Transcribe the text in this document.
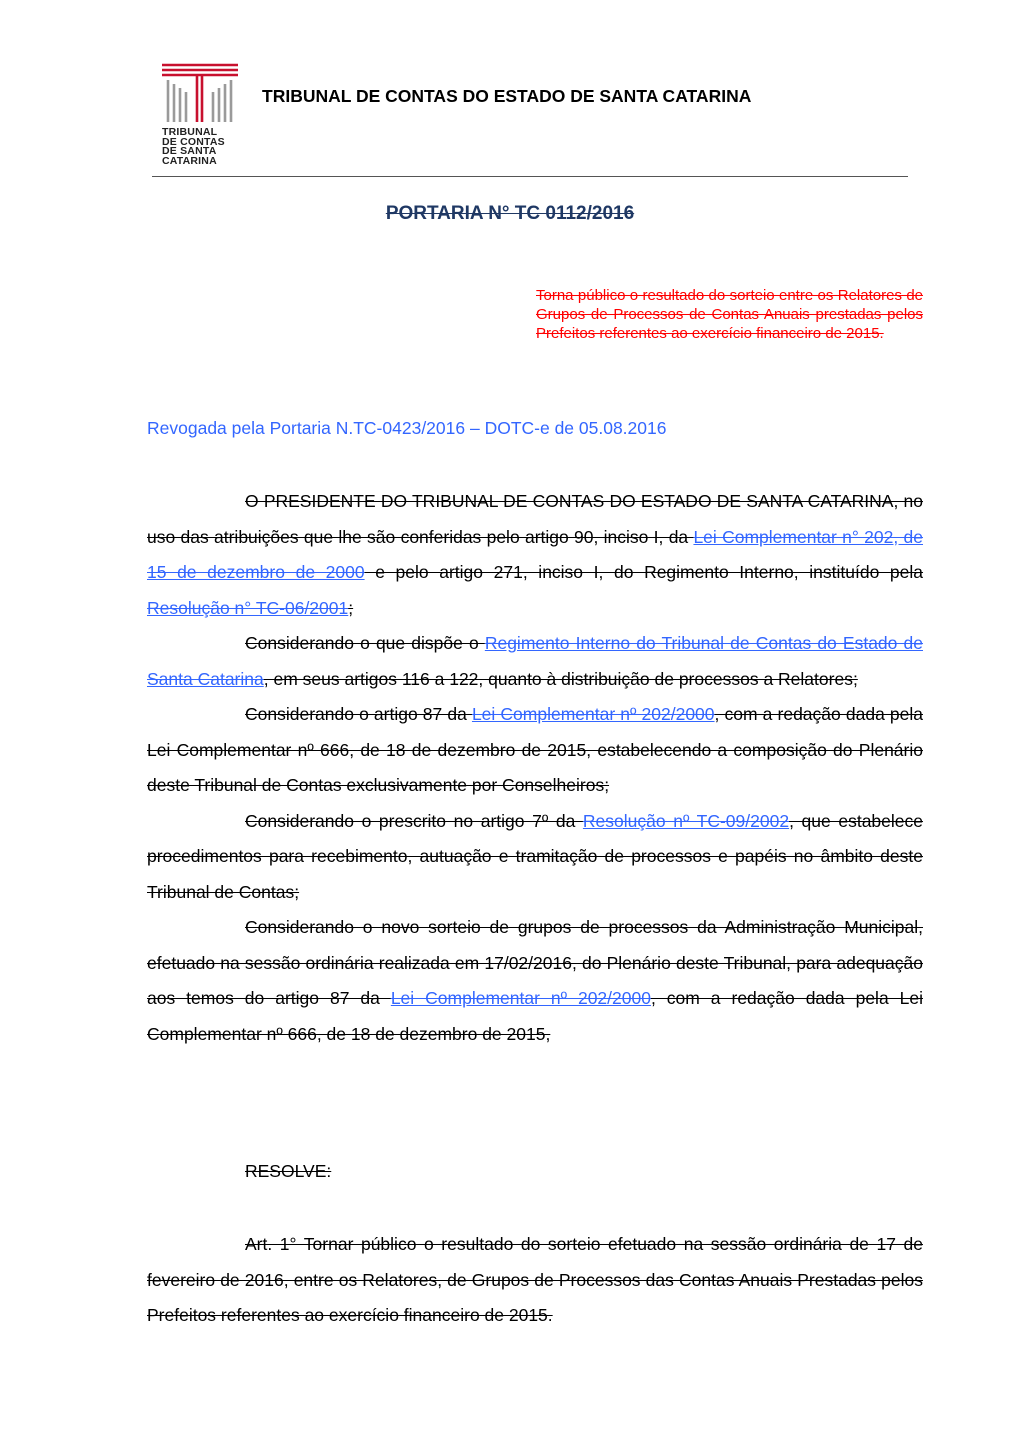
TRIBUNAL
DE CONTAS
DE SANTA
CATARINA
TRIBUNAL DE CONTAS DO ESTADO DE SANTA CATARINA
PORTARIA N° TC 0112/2016
Torna público o resultado do sorteio entre os Relatores de Grupos de Processos de Contas Anuais prestadas pelos Prefeitos referentes ao exercício financeiro de 2015.
Revogada pela Portaria N.TC-0423/2016 – DOTC-e de 05.08.2016

O PRESIDENTE DO TRIBUNAL DE CONTAS DO ESTADO DE SANTA CATARINA, no uso das atribuições que lhe são conferidas pelo artigo 90, inciso I, da Lei Complementar n° 202, de 15 de dezembro de 2000 e pelo artigo 271, inciso I, do Regimento Interno, instituído pela Resolução n° TC-06/2001;

Considerando o que dispõe o Regimento Interno do Tribunal de Contas do Estado de Santa Catarina, em seus artigos 116 a 122, quanto à distribuição de processos a Relatores;

Considerando o artigo 87 da Lei Complementar nº 202/2000, com a redação dada pela Lei Complementar nº 666, de 18 de dezembro de 2015, estabelecendo a composição do Plenário deste Tribunal de Contas exclusivamente por Conselheiros;

Considerando o prescrito no artigo 7º da Resolução nº TC-09/2002, que estabelece procedimentos para recebimento, autuação e tramitação de processos e papéis no âmbito deste Tribunal de Contas;

Considerando o novo sorteio de grupos de processos da Administração Municipal, efetuado na sessão ordinária realizada em 17/02/2016, do Plenário deste Tribunal, para adequação aos temos do artigo 87 da Lei Complementar nº 202/2000, com a redação dada pela Lei Complementar nº 666, de 18 de dezembro de 2015,

RESOLVE:

Art. 1° Tornar público o resultado do sorteio efetuado na sessão ordinária de 17 de fevereiro de 2016, entre os Relatores, de Grupos de Processos das Contas Anuais Prestadas pelos Prefeitos referentes ao exercício financeiro de 2015.
